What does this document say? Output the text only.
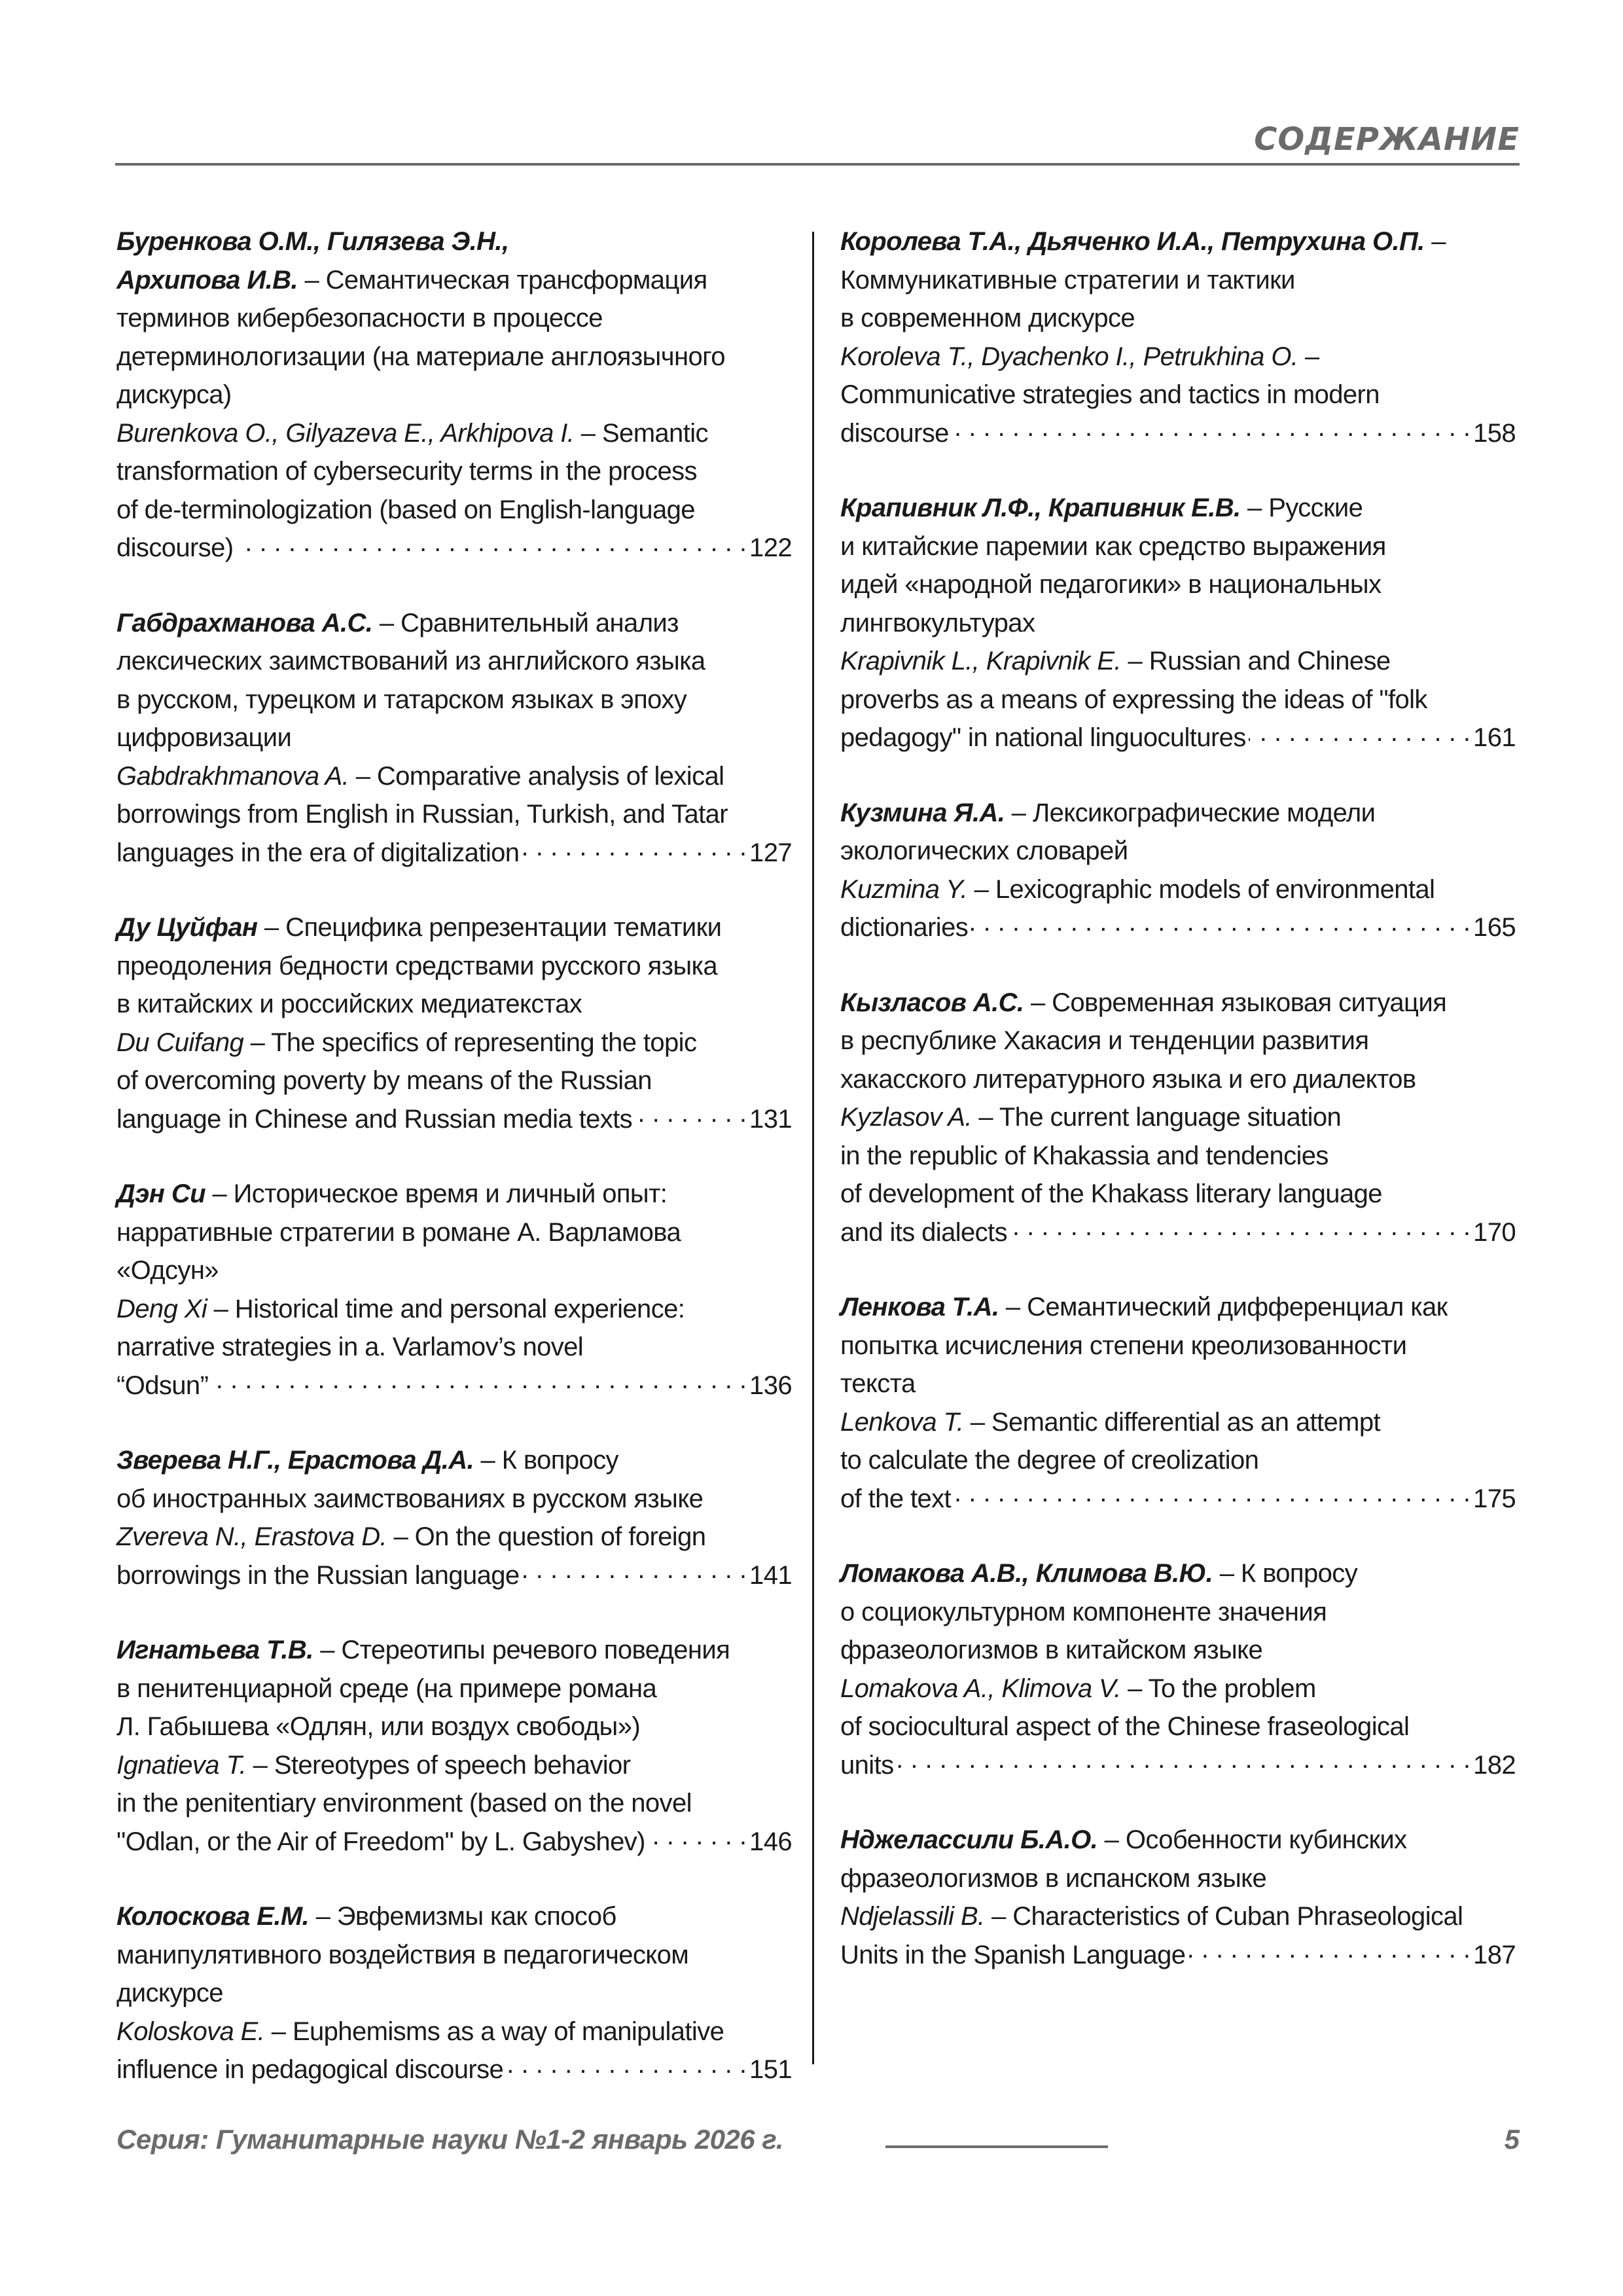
СОДЕРЖАНИЕ
Буренкова О.М., Гилязева Э.Н.,
Архипова И.В. – Семантическая трансформация
терминов кибербезопасности в процессе
детерминологизации (на материале англоязычного
дискурса)
Burenkova O., Gilyazeva E., Arkhipova I. – Semantic
transformation of cybersecurity terms in the process
of de-terminologization (based on English-language
discourse) . . .	122
Габдрахманова А.С. – Сравнительный анализ
лексических заимствований из английского языка
в русском, турецком и татарском языках в эпоху
цифровизации
Gabdrakhmanova A. – Comparative analysis of lexical
borrowings from English in Russian, Turkish, and Tatar
languages in the era of digitalization . . .	127
Ду Цуйфан – Специфика репрезентации тематики
преодоления бедности средствами русского языка
в китайских и российских медиатекстах
Du Cuifang – The specifics of representing the topic
of overcoming poverty by means of the Russian
language in Chinese and Russian media texts . . .	131
Дэн Си – Историческое время и личный опыт:
нарративные стратегии в романе А. Варламова
«Одсун»
Deng Xi – Historical time and personal experience:
narrative strategies in a. Varlamov’s novel
“Odsun” . . .	136
Зверева Н.Г., Ерастова Д.А. – К вопросу
об иностранных заимствованиях в русском языке
Zvereva N., Erastova D. – On the question of foreign
borrowings in the Russian language . . .	141
Игнатьева Т.В. – Стереотипы речевого поведения
в пенитенциарной среде (на примере романа
Л. Габышева «Одлян, или воздух свободы»)
Ignatieva T. – Stereotypes of speech behavior
in the penitentiary environment (based on the novel
"Odlan, or the Air of Freedom" by L. Gabyshev) . . .	146
Колоскова Е.М. – Эвфемизмы как способ
манипулятивного воздействия в педагогическом
дискурсе
Koloskova E. – Euphemisms as a way of manipulative
influence in pedagogical discourse . . .	151
Королева Т.А., Дьяченко И.А., Петрухина О.П. –
Коммуникативные стратегии и тактики
в современном дискурсе
Koroleva T., Dyachenko I., Petrukhina O. –
Communicative strategies and tactics in modern
discourse . . .	158
Крапивник Л.Ф., Крапивник Е.В. – Русские
и китайские паремии как средство выражения
идей «народной педагогики» в национальных
лингвокультурах
Krapivnik L., Krapivnik E. – Russian and Chinese
proverbs as a means of expressing the ideas of "folk
pedagogy" in national linguocultures . . .	161
Кузмина Я.А. – Лексикографические модели
экологических словарей
Kuzmina Y. – Lexicographic models of environmental
dictionaries . . .	165
Кызласов А.С. – Современная языковая ситуация
в республике Хакасия и тенденции развития
хакасского литературного языка и его диалектов
Kyzlasov A. – The current language situation
in the republic of Khakassia and tendencies
of development of the Khakass literary language
and its dialects . . .	170
Ленкова Т.А. – Семантический дифференциал как
попытка исчисления степени креолизованности
текста
Lenkova T. – Semantic differential as an attempt
to calculate the degree of creolization
of the text . . .	175
Ломакова А.В., Климова В.Ю. – К вопросу
о социокультурном компоненте значения
фразеологизмов в китайском языке
Lomakova A., Klimova V. – To the problem
of sociocultural aspect of the Chinese fraseological
units . . .	182
Нджелассили Б.А.О. – Особенности кубинских
фразеологизмов в испанском языке
Ndjelassili B. – Characteristics of Cuban Phraseological
Units in the Spanish Language . . .	187
Серия: Гуманитарные науки №1-2 январь 2026 г.	5
